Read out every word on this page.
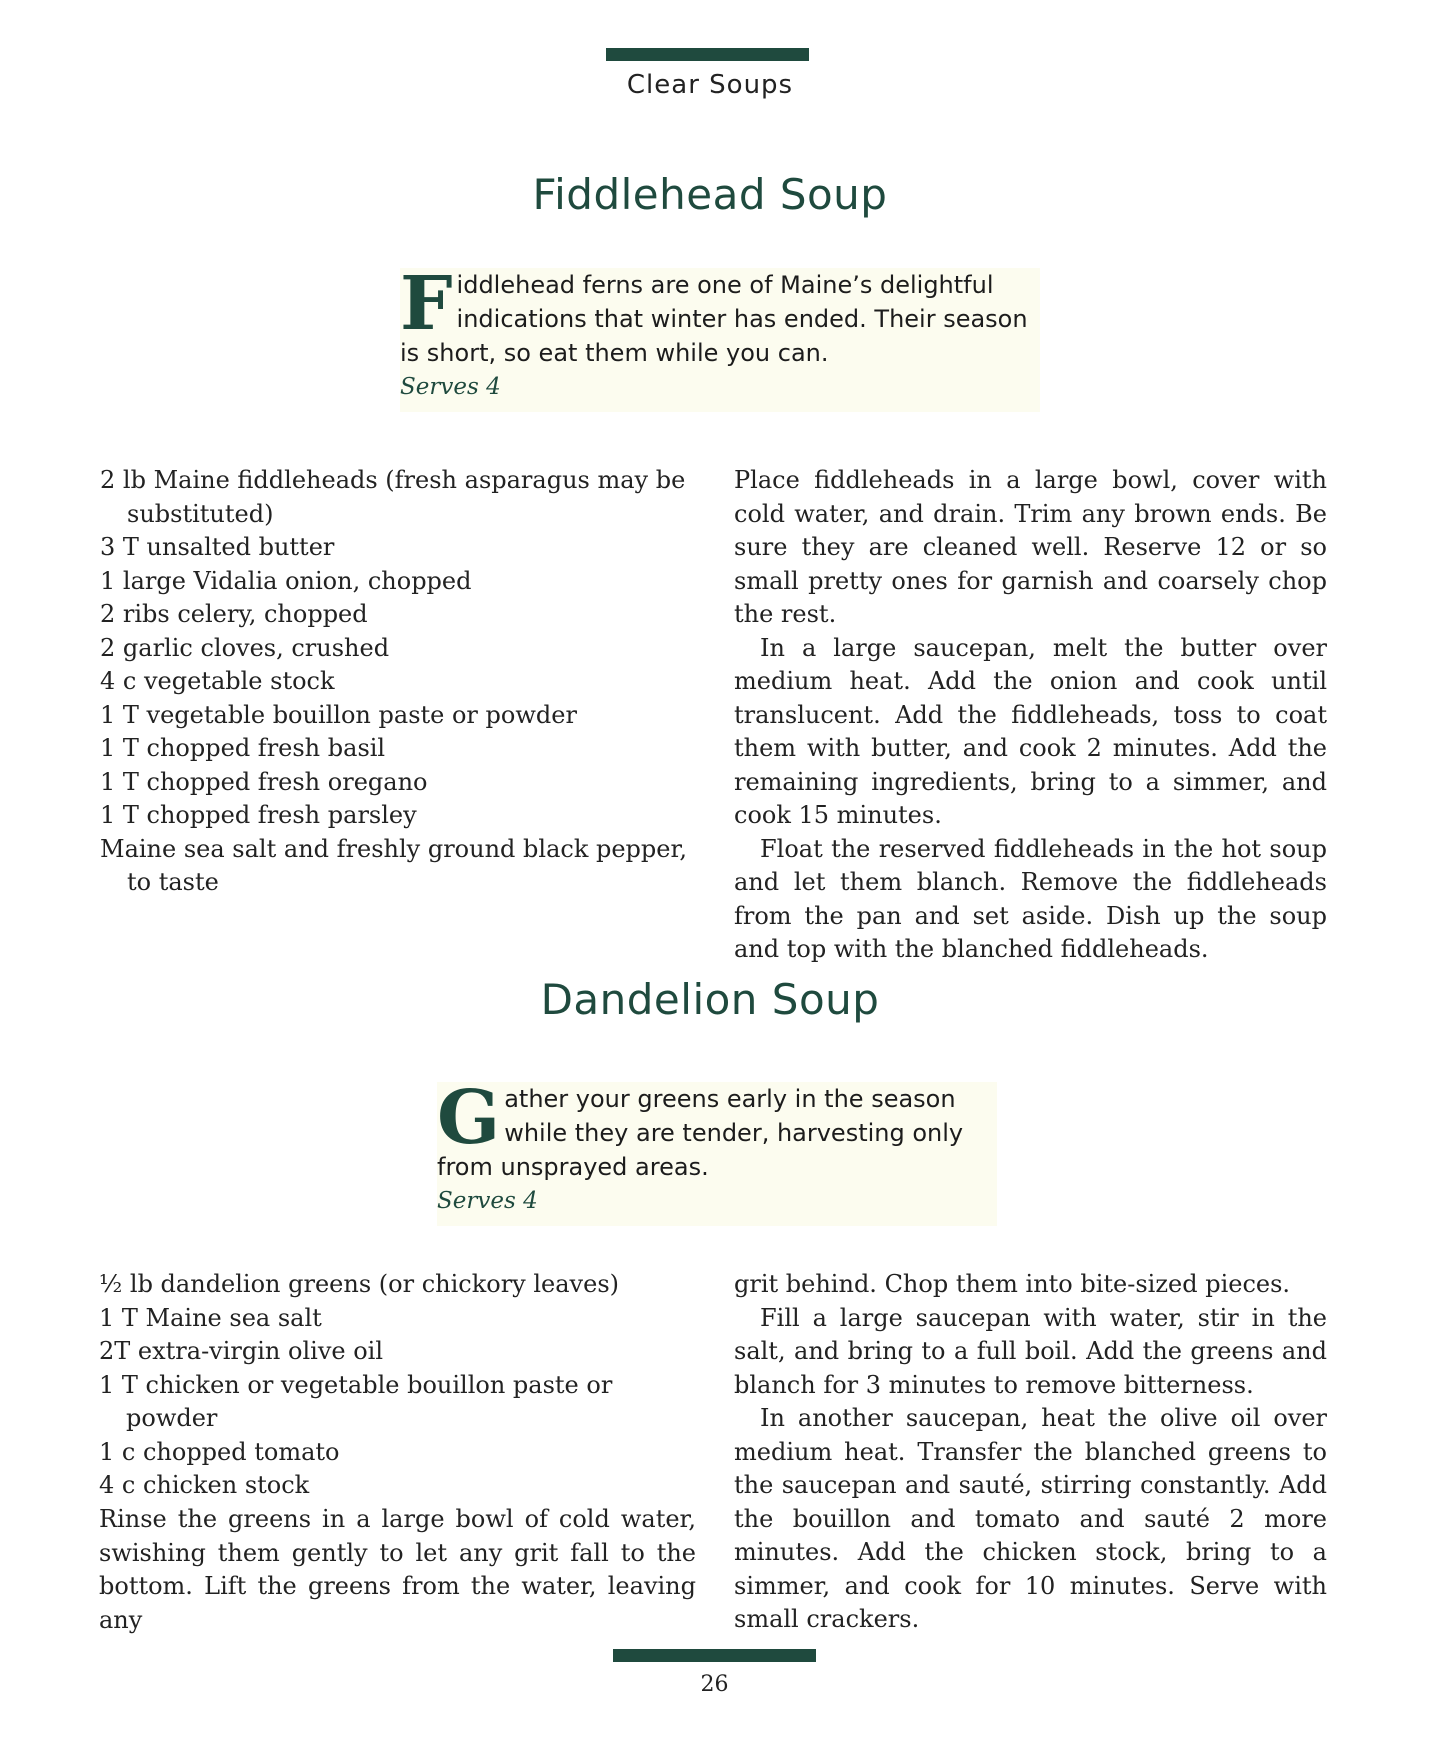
Clear Soups
Fiddlehead Soup
F iddlehead ferns are one of Maine’s delightful indications that winter has ended. Their season is short, so eat them while you can.
Serves 4
2 lb Maine fiddleheads (fresh asparagus may be substituted)
3 T unsalted butter
1 large Vidalia onion, chopped
2 ribs celery, chopped
2 garlic cloves, crushed
4 c vegetable stock
1 T vegetable bouillon paste or powder
1 T chopped fresh basil
1 T chopped fresh oregano
1 T chopped fresh parsley
Maine sea salt and freshly ground black pepper, to taste

Place fiddleheads in a large bowl, cover with cold water, and drain. Trim any brown ends. Be sure they are cleaned well. Reserve 12 or so small pretty ones for garnish and coarsely chop the rest.

In a large saucepan, melt the butter over medium heat. Add the onion and cook until translucent. Add the fiddleheads, toss to coat them with butter, and cook 2 minutes. Add the remaining ingredients, bring to a simmer, and cook 15 minutes.

Float the reserved fiddleheads in the hot soup and let them blanch. Remove the fiddleheads from the pan and set aside. Dish up the soup and top with the blanched fiddleheads.

Dandelion Soup
G ather your greens early in the season while they are tender, harvesting only from unsprayed areas.
Serves 4
½ lb dandelion greens (or chickory leaves)
1 T Maine sea salt
2T extra-virgin olive oil
1 T chicken or vegetable bouillon paste or powder
1 c chopped tomato
4 c chicken stock

Rinse the greens in a large bowl of cold water, swishing them gently to let any grit fall to the bottom. Lift the greens from the water, leaving any

grit behind. Chop them into bite-sized pieces.

Fill a large saucepan with water, stir in the salt, and bring to a full boil. Add the greens and blanch for 3 minutes to remove bitterness.

In another saucepan, heat the olive oil over medium heat. Transfer the blanched greens to the saucepan and sauté, stirring constantly. Add the bouillon and tomato and sauté 2 more minutes. Add the chicken stock, bring to a simmer, and cook for 10 minutes. Serve with small crackers.

26
